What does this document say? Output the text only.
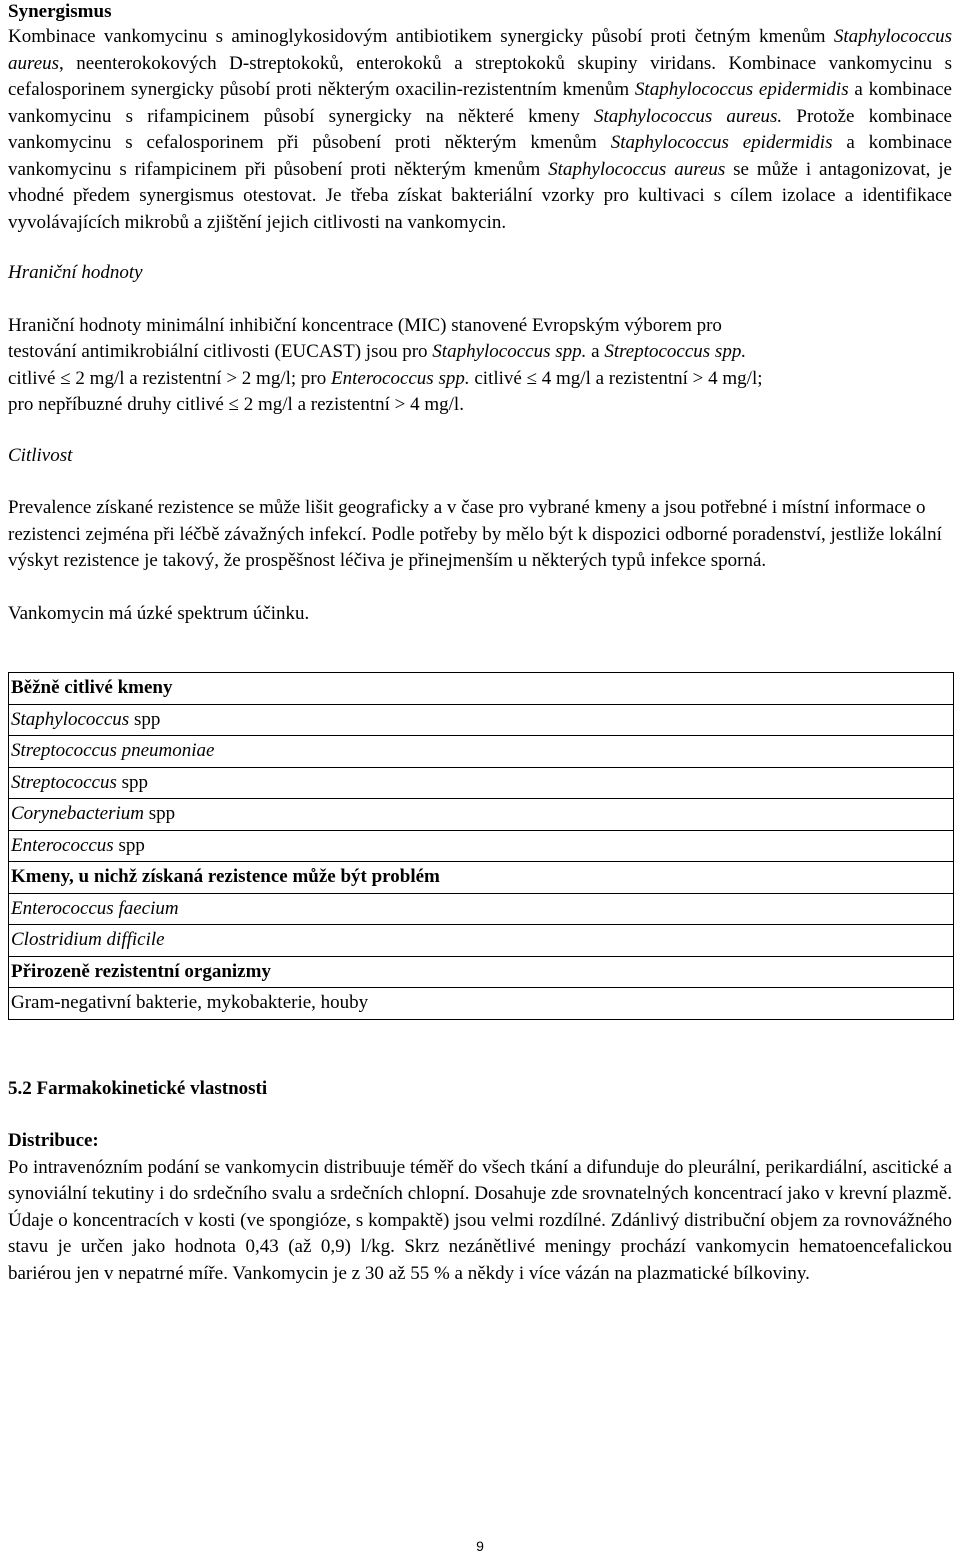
Synergismus

Kombinace vankomycinu s aminoglykosidovým antibiotikem synergicky působí proti četným kmenům Staphylococcus aureus, neenterokokových D-streptokoků, enterokoků a streptokoků skupiny viridans. Kombinace vankomycinu s cefalosporinem synergicky působí proti některým oxacilin-rezistentním kmenům Staphylococcus epidermidis a kombinace vankomycinu s rifampicinem působí synergicky na některé kmeny Staphylococcus aureus. Protože kombinace vankomycinu s cefalosporinem při působení proti některým kmenům Staphylococcus epidermidis a kombinace vankomycinu s rifampicinem při působení proti některým kmenům Staphylococcus aureus se může i antagonizovat, je vhodné předem synergismus otestovat. Je třeba získat bakteriální vzorky pro kultivaci s cílem izolace a identifikace vyvolávajících mikrobů a zjištění jejich citlivosti na vankomycin.

Hraniční hodnoty
Hraniční hodnoty minimální inhibiční koncentrace (MIC) stanovené Evropským výborem pro
testování antimikrobiální citlivosti (EUCAST) jsou pro Staphylococcus spp. a Streptococcus spp.
citlivé ≤ 2 mg/l a rezistentní > 2 mg/l; pro Enterococcus spp. citlivé ≤ 4 mg/l a rezistentní > 4 mg/l;
pro nepříbuzné druhy citlivé ≤ 2 mg/l a rezistentní > 4 mg/l.
Citlivost

Prevalence získané rezistence se může lišit geograficky a v čase pro vybrané kmeny a jsou potřebné i místní informace o rezistenci zejména při léčbě závažných infekcí. Podle potřeby by mělo být k dispozici odborné poradenství, jestliže lokální výskyt rezistence je takový, že prospěšnost léčiva je přinejmenším u některých typů infekce sporná.

Vankomycin má úzké spektrum účinku.
Běžně citlivé kmeny
Staphylococcus spp
Streptococcus pneumoniae
Streptococcus spp
Corynebacterium spp
Enterococcus spp
Kmeny, u nichž získaná rezistence může být problém
Enterococcus faecium
Clostridium difficile
Přirozeně rezistentní organizmy
Gram-negativní bakterie, mykobakterie, houby
5.2 Farmakokinetické vlastnosti
Distribuce:

Po intravenózním podání se vankomycin distribuuje téměř do všech tkání a difunduje do pleurální, perikardiální, ascitické a synoviální tekutiny i do srdečního svalu a srdečních chlopní. Dosahuje zde srovnatelných koncentrací jako v krevní plazmě. Údaje o koncentracích v kosti (ve spongióze, s kompaktě) jsou velmi rozdílné. Zdánlivý distribuční objem za rovnovážného stavu je určen jako hodnota 0,43 (až 0,9) l/kg. Skrz nezánětlivé meningy prochází vankomycin hematoencefalickou bariérou jen v nepatrné míře. Vankomycin je z 30 až 55 % a někdy i více vázán na plazmatické bílkoviny.

9
